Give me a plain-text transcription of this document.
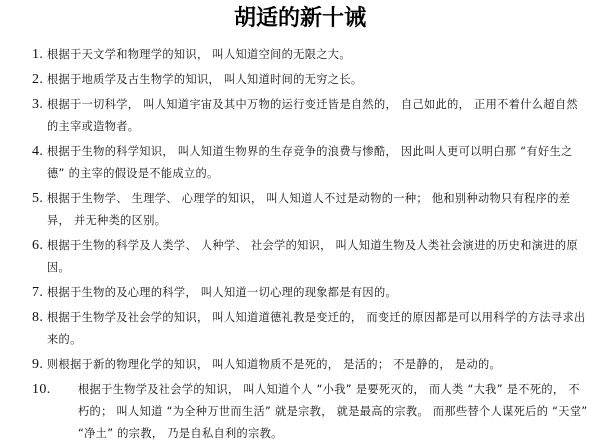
胡适的新十诫
1. 根据于天文学和物理学的知识， 叫人知道空间的无限之大。
2. 根据于地质学及古生物学的知识， 叫人知道时间的无穷之长。
3. 根据于一切科学， 叫人知道宇宙及其中万物的运行变迁皆是自然的， 自己如此的， 正用不着什么超自然的主宰或造物者。
4. 根据于生物的科学知识， 叫人知道生物界的生存竞争的浪费与惨酷， 因此叫人更可以明白那 “有好生之德” 的主宰的假设是不能成立的。
5. 根据于生物学、 生理学、 心理学的知识， 叫人知道人不过是动物的一种； 他和别种动物只有程序的差异， 并无种类的区别。
6. 根据于生物的科学及人类学、 人种学、 社会学的知识， 叫人知道生物及人类社会演进的历史和演进的原因。
7. 根据于生物的及心理的科学， 叫人知道一切心理的现象都是有因的。
8. 根据于生物学及社会学的知识， 叫人知道道德礼教是变迁的， 而变迁的原因都是可以用科学的方法寻求出来的。
9. 则根据于新的物理化学的知识， 叫人知道物质不是死的， 是活的； 不是静的， 是动的。
10. 根据于生物学及社会学的知识， 叫人知道个人 “小我” 是要死灭的， 而人类 “大我” 是不死的， 不朽的； 叫人知道 “为全种万世而生活” 就是宗教， 就是最高的宗教。 而那些替个人谋死后的 “天堂” “净土” 的宗教， 乃是自私自利的宗教。
